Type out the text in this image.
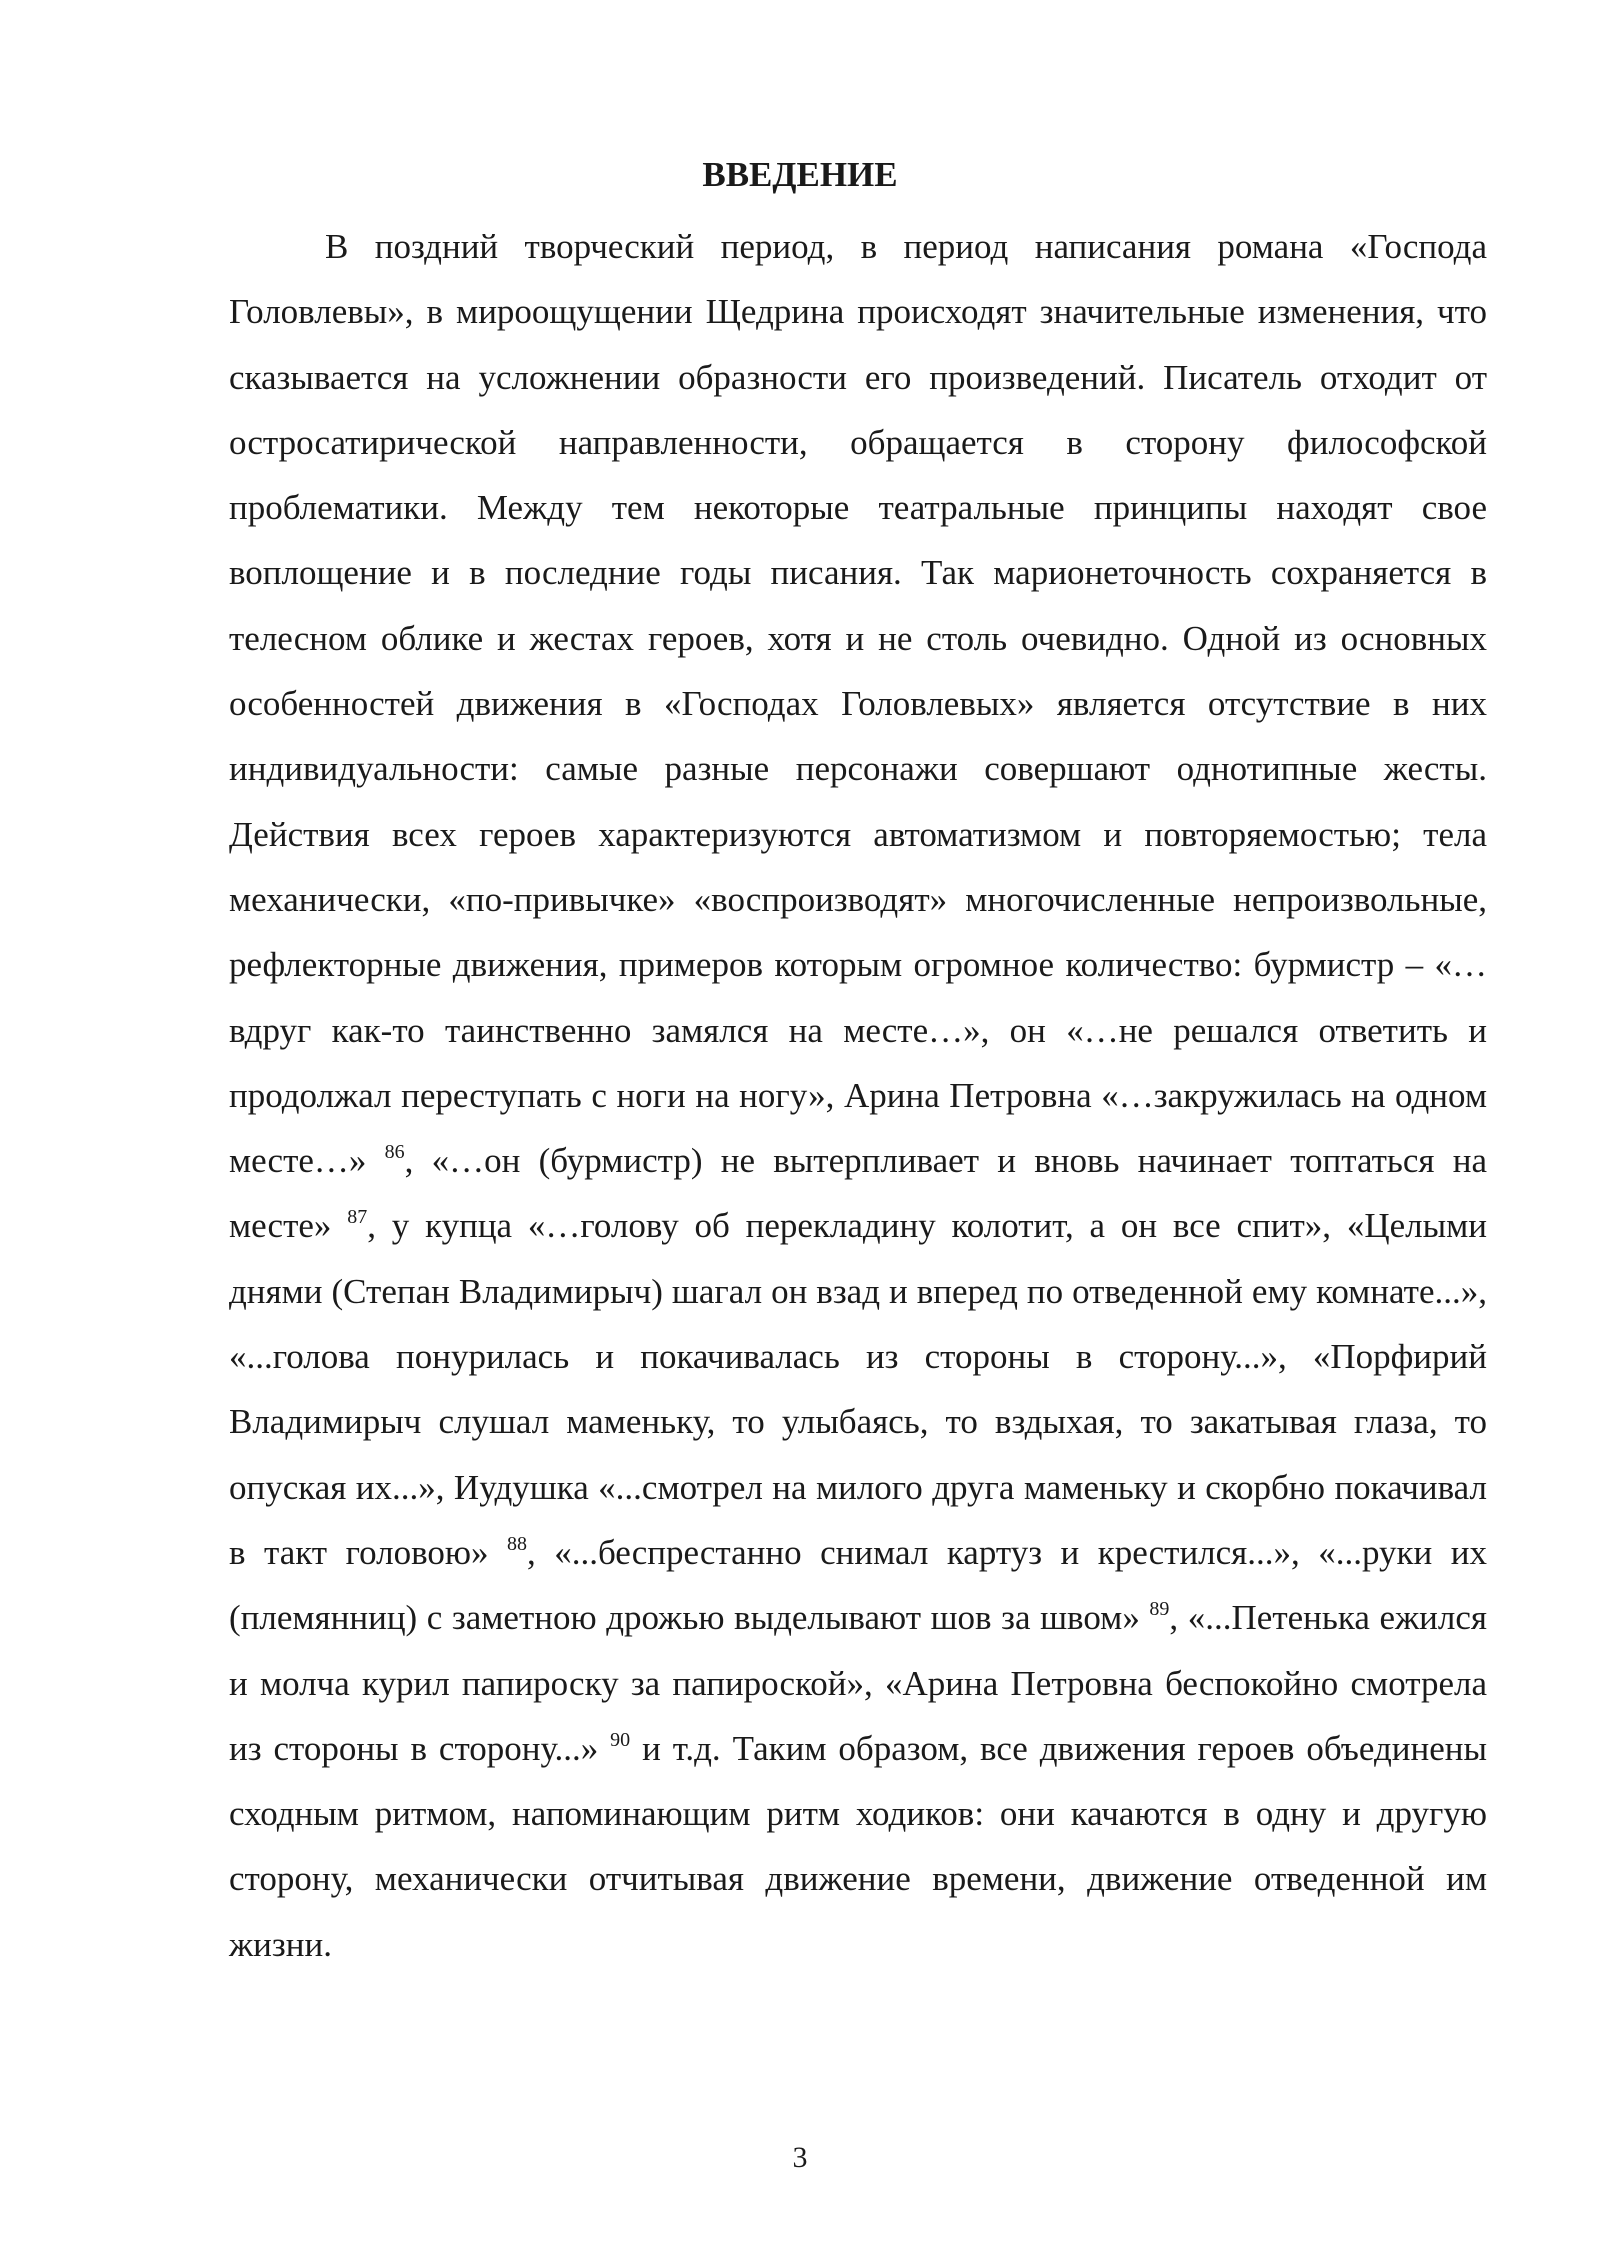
ВВЕДЕНИЕ

В поздний творческий период, в период написания романа «Господа Головлевы», в мироощущении Щедрина происходят значительные изменения, что сказывается на усложнении образности его произведений. Писатель отходит от остросатирической направленности, обращается в сторону философской проблематики. Между тем некоторые театральные принципы находят свое воплощение и в последние годы писания. Так марионеточность сохраняется в телесном облике и жестах героев, хотя и не столь очевидно. Одной из основных особенностей движения в «Господах Головлевых» является отсутствие в них индивидуальности: самые разные персонажи совершают однотипные жесты. Действия всех героев характеризуются автоматизмом и повторяемостью; тела механически, «по-привычке» «воспроизводят» многочисленные непроизвольные, рефлекторные движения, примеров которым огромное количество: бурмистр – «…вдруг как-то таинственно замялся на месте…», он «…не решался ответить и продолжал переступать с ноги на ногу», Арина Петровна «…закружилась на одном месте…» $^{86}$, «…он (бурмистр) не вытерпливает и вновь начинает топтаться на месте» $^{87}$, у купца «…голову об перекладину колотит, а он все спит», «Целыми днями (Степан Владимирыч) шагал он взад и вперед по отведенной ему комнате...», «...голова понурилась и покачивалась из стороны в сторону...», «Порфирий Владимирыч слушал маменьку, то улыбаясь, то вздыхая, то закатывая глаза, то опуская их...», Иудушка «...смотрел на милого друга маменьку и скорбно покачивал в такт головою» $^{88}$, «...беспрестанно снимал картуз и крестился...», «...руки их (племянниц) с заметною дрожью выделывают шов за швом» $^{89}$, «...Петенька ежился и молча курил папироску за папироской», «Арина Петровна беспокойно смотрела из стороны в сторону...» $^{90}$ и т.д. Таким образом, все движения героев объединены сходным ритмом, напоминающим ритм ходиков: они качаются в одну и другую сторону, механически отчитывая движение времени, движение отведенной им жизни.

3
